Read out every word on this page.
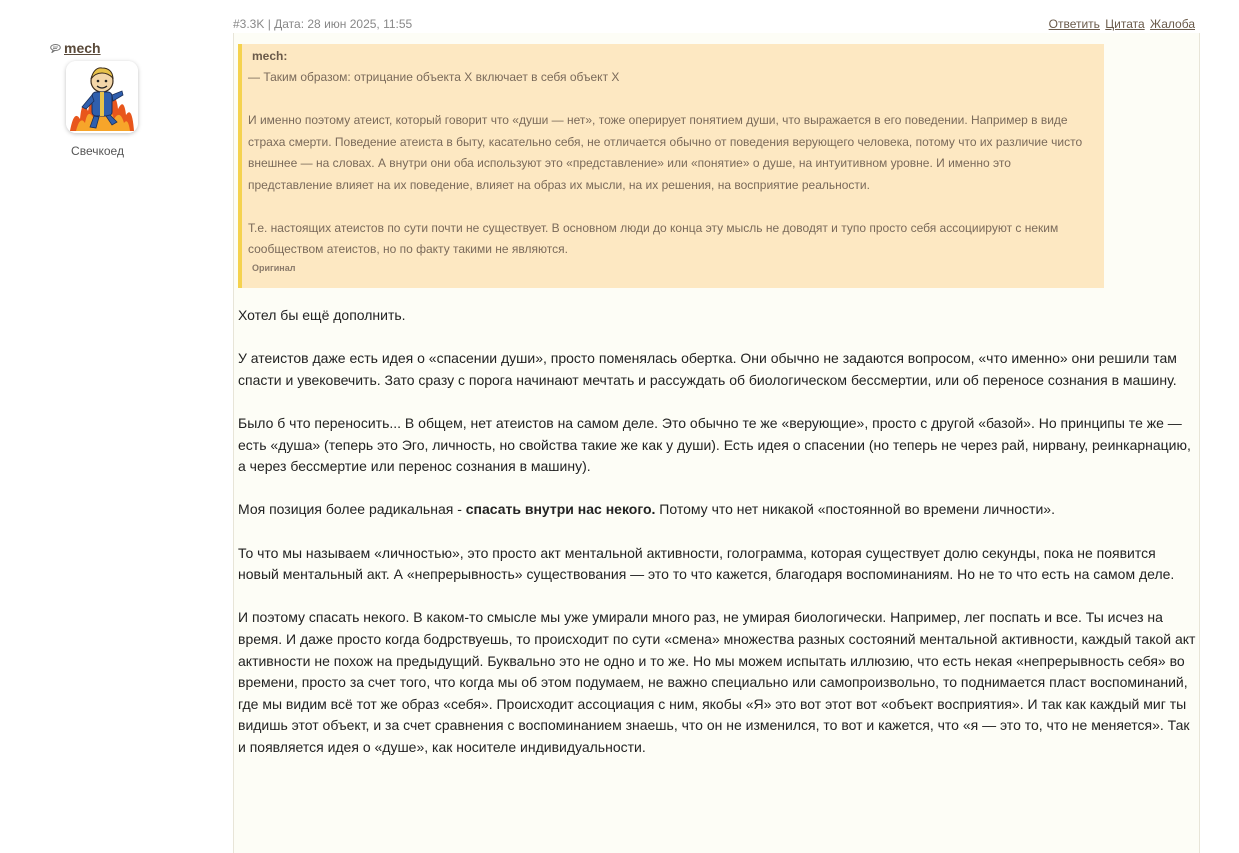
mech
Свечкоед
#3.3K | Дата: 28 июн 2025, 11:55	Ответить Цитата Жалоба
mech:

— Таким образом: отрицание объекта Х включает в себя объект Х

И именно поэтому атеист, который говорит что «души — нет», тоже оперирует понятием души, что выражается в его поведении. Например в виде страха смерти. Поведение атеиста в быту, касательно себя, не отличается обычно от поведения верующего человека, потому что их различие чисто внешнее — на словах. А внутри они оба используют это «представление» или «понятие» о душе, на интуитивном уровне. И именно это представление влияет на их поведение, влияет на образ их мысли, на их решения, на восприятие реальности.

Т.е. настоящих атеистов по сути почти не существует. В основном люди до конца эту мысль не доводят и тупо просто себя ассоциируют с неким сообществом атеистов, но по факту такими не являются.

Оригинал

Хотел бы ещё дополнить.

У атеистов даже есть идея о «спасении души», просто поменялась обертка. Они обычно не задаются вопросом, «что именно» они решили там спасти и увековечить. Зато сразу с порога начинают мечтать и рассуждать об биологическом бессмертии, или об переносе сознания в машину.

Было б что переносить... В общем, нет атеистов на самом деле. Это обычно те же «верующие», просто с другой «базой». Но принципы те же — есть «душа» (теперь это Эго, личность, но свойства такие же как у души). Есть идея о спасении (но теперь не через рай, нирвану, реинкарнацию, а через бессмертие или перенос сознания в машину).

Моя позиция более радикальная - спасать внутри нас некого. Потому что нет никакой «постоянной во времени личности».

То что мы называем «личностью», это просто акт ментальной активности, голограмма, которая существует долю секунды, пока не появится новый ментальный акт. А «непрерывность» существования — это то что кажется, благодаря воспоминаниям. Но не то что есть на самом деле.

И поэтому спасать некого. В каком-то смысле мы уже умирали много раз, не умирая биологически. Например, лег поспать и все. Ты исчез на время. И даже просто когда бодрствуешь, то происходит по сути «смена» множества разных состояний ментальной активности, каждый такой акт активности не похож на предыдущий. Буквально это не одно и то же. Но мы можем испытать иллюзию, что есть некая «непрерывность себя» во времени, просто за счет того, что когда мы об этом подумаем, не важно специально или самопроизвольно, то поднимается пласт воспоминаний, где мы видим всё тот же образ «себя». Происходит ассоциация с ним, якобы «Я» это вот этот вот «объект восприятия». И так как каждый миг ты видишь этот объект, и за счет сравнения с воспоминанием знаешь, что он не изменился, то вот и кажется, что «я — это то, что не меняется». Так и появляется идея о «душе», как носителе индивидуальности.
